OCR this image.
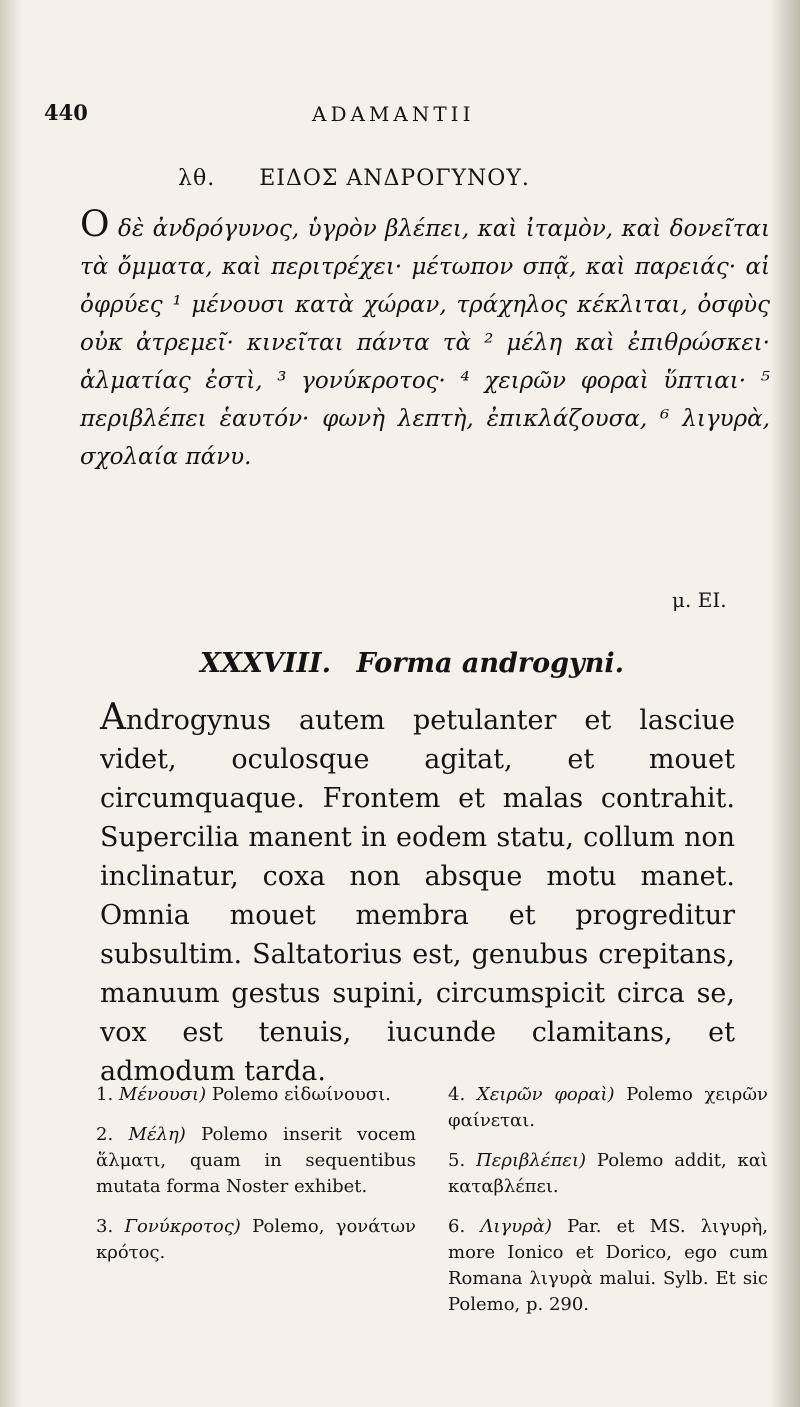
440	ADAMANTII
λθ. ΕΙΔΟΣ ΑΝΔΡΟΓΥΝΟΥ.

Ο δὲ ἀνδρόγυνος, ὑγρὸν βλέπει, καὶ ἰταμὸν, καὶ δονεῖται τὰ ὄμματα, καὶ περιτρέχει· μέτωπον σπᾷ, καὶ παρειάς· αἱ ὀφρύες ¹ μένουσι κατὰ χώραν, τράχηλος κέκλιται, ὀσφὺς οὐκ ἀτρεμεῖ· κινεῖται πάντα τὰ ² μέλη καὶ ἐπιθρώσκει· ἁλματίας ἐστὶ, ³ γονύκροτος· ⁴ χειρῶν φοραὶ ὕπτιαι· ⁵ περιβλέπει ἑαυτόν· φωνὴ λεπτὴ, ἐπικλάζουσα, ⁶ λιγυρὰ, σχολαία πάνυ.

μ. EI.
XXXVIII. Forma androgyni.

Androgynus autem petulanter et lasciue videt, oculosque agitat, et mouet circumquaque. Frontem et malas contrahit. Supercilia manent in eodem statu, collum non inclinatur, coxa non absque motu manet. Omnia mouet membra et progreditur subsultim. Saltatorius est, genubus crepitans, manuum gestus supini, circumspicit circa se, vox est tenuis, iucunde clamitans, et admodum tarda.

1. Μένουσι) Polemo εἰδωίνουσι.

2. Μέλη) Polemo inserit vocem ἅλματι, quam in sequentibus mutata forma Noster exhibet.

3. Γονύκροτος) Polemo, γονάτων κρότος.

4. Χειρῶν φοραὶ) Polemo χειρῶν φαίνεται.

5. Περιβλέπει) Polemo addit, καὶ καταβλέπει.

6. Λιγυρὰ) Par. et MS. λιγυρὴ, more Ionico et Dorico, ego cum Romana λιγυρὰ malui. Sylb. Et sic Polemo, p. 290.
